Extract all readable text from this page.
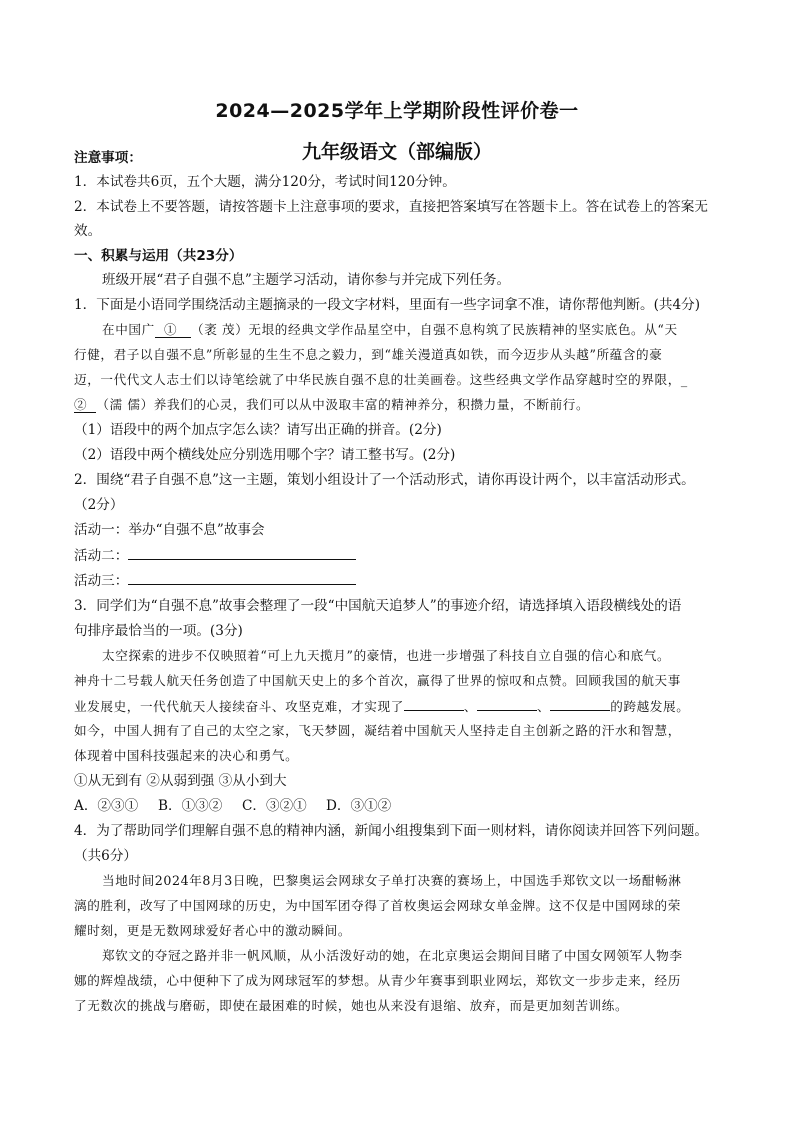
2024—2025学年上学期阶段性评价卷一
九年级语文（部编版）
注意事项：
1．本试卷共6页，五个大题，满分120分，考试时间120分钟。
2．本试卷上不要答题，请按答题卡上注意事项的要求，直接把答案填写在答题卡上。答在试卷上的答案无
效。
一、积累与运用（共23分）
班级开展“君子自强不息”主题学习活动，请你参与并完成下列任务。
1．下面是小语同学围绕活动主题摘录的一段文字材料，里面有一些字词拿不准，请你帮他判断。(共4分)
在中国广 ① （袤 茂）无垠的经典文学作品星空中，自强不息构筑了民族精神的坚实底色。从“天
行健，君子以自强不息”所彰显的生生不息之毅力，到“雄关漫道真如铁，而今迈步从头越”所蕴含的豪
迈，一代代文人志士们以诗笔绘就了中华民族自强不息的壮美画卷。这些经典文学作品穿越时空的界限，_
② （濡 儒）养我们的心灵，我们可以从中汲取丰富的精神养分，积攒力量，不断前行。
（1）语段中的两个加点字怎么读？请写出正确的拼音。(2分)
（2）语段中两个横线处应分别选用哪个字？请工整书写。(2分)
2．围绕“君子自强不息”这一主题，策划小组设计了一个活动形式，请你再设计两个，以丰富活动形式。
（2分）
活动一：举办“自强不息”故事会
活动二：
活动三：
3．同学们为“自强不息”故事会整理了一段“中国航天追梦人”的事迹介绍，请选择填入语段横线处的语
句排序最恰当的一项。(3分)
太空探索的进步不仅映照着“可上九天揽月”的豪情，也进一步增强了科技自立自强的信心和底气。
神舟十二号载人航天任务创造了中国航天史上的多个首次，赢得了世界的惊叹和点赞。回顾我国的航天事
业发展史，一代代航天人接续奋斗、攻坚克难，才实现了	、	、	的跨越发展。
如今，中国人拥有了自己的太空之家，飞天梦圆，凝结着中国航天人坚持走自主创新之路的汗水和智慧，
体现着中国科技强起来的决心和勇气。
①从无到有 ②从弱到强 ③从小到大
A．②③① B．①③② C．③②① D．③①②
4．为了帮助同学们理解自强不息的精神内涵，新闻小组搜集到下面一则材料，请你阅读并回答下列问题。
（共6分）
当地时间2024年8月3日晚，巴黎奥运会网球女子单打决赛的赛场上，中国选手郑钦文以一场酣畅淋
漓的胜利，改写了中国网球的历史，为中国军团夺得了首枚奥运会网球女单金牌。这不仅是中国网球的荣
耀时刻，更是无数网球爱好者心中的激动瞬间。
郑钦文的夺冠之路并非一帆风顺，从小活泼好动的她，在北京奥运会期间目睹了中国女网领军人物李
娜的辉煌战绩，心中便种下了成为网球冠军的梦想。从青少年赛事到职业网坛，郑钦文一步步走来，经历
了无数次的挑战与磨砺，即使在最困难的时候，她也从来没有退缩、放弃，而是更加刻苦训练。
